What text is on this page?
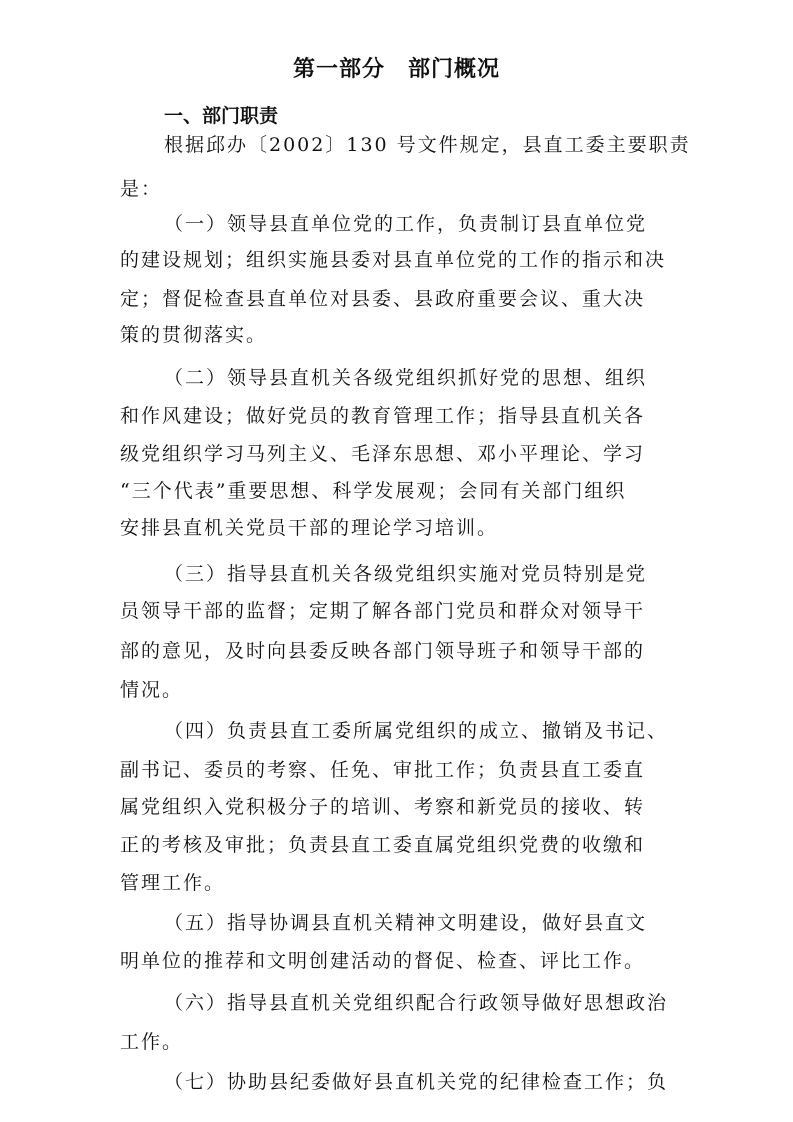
第一部分　部门概况
一、部门职责
根据邱办〔2002〕130 号文件规定，县直工委主要职责
是：
（一）领导县直单位党的工作，负责制订县直单位党
的建设规划；组织实施县委对县直单位党的工作的指示和决
定；督促检查县直单位对县委、县政府重要会议、重大决
策的贯彻落实。
（二）领导县直机关各级党组织抓好党的思想、组织
和作风建设；做好党员的教育管理工作；指导县直机关各
级党组织学习马列主义、毛泽东思想、邓小平理论、学习
“三个代表”重要思想、科学发展观；会同有关部门组织
安排县直机关党员干部的理论学习培训。
（三）指导县直机关各级党组织实施对党员特别是党
员领导干部的监督；定期了解各部门党员和群众对领导干
部的意见，及时向县委反映各部门领导班子和领导干部的
情况。
（四）负责县直工委所属党组织的成立、撤销及书记、
副书记、委员的考察、任免、审批工作；负责县直工委直
属党组织入党积极分子的培训、考察和新党员的接收、转
正的考核及审批；负责县直工委直属党组织党费的收缴和
管理工作。
（五）指导协调县直机关精神文明建设，做好县直文
明单位的推荐和文明创建活动的督促、检查、评比工作。
（六）指导县直机关党组织配合行政领导做好思想政治
工作。
（七）协助县纪委做好县直机关党的纪律检查工作；负
